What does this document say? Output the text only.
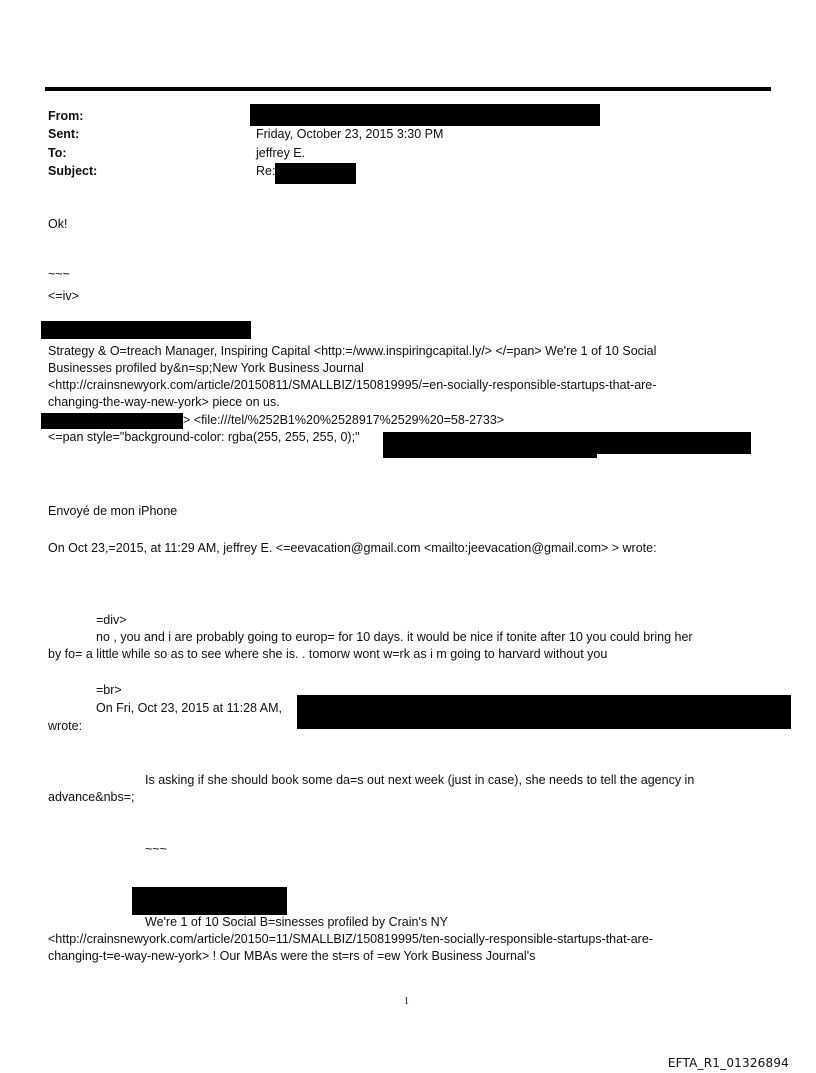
From:
Sent:	Friday, October 23, 2015 3:30 PM
To:	jeffrey E.
Subject:	Re:
Ok!
~~~
<=iv>
Strategy & O=treach Manager, Inspiring Capital <http:=/www.inspiringcapital.ly/> </=pan> We're 1 of 10 Social
Businesses profiled by&n=sp;New York Business Journal
<http://crainsnewyork.com/article/20150811/SMALLBIZ/150819995/=en-socially-responsible-startups-that-are-
changing-the-way-new-york> piece on us.
> <file:///tel/%252B1%20%2528917%2529%20=58-2733>
<=pan style="background-color: rgba(255, 255, 255, 0);"
Envoyé de mon iPhone
On Oct 23,=2015, at 11:29 AM, jeffrey E. <=eevacation@gmail.com <mailto:jeevacation@gmail.com> > wrote:
=div>
no , you and i are probably going to europ= for 10 days. it would be nice if tonite after 10 you could bring her
by fo= a little while so as to see where she is. . tomorw wont w=rk as i m going to harvard without you
=br>
On Fri, Oct 23, 2015 at 11:28 AM,
wrote:
Is asking if she should book some da=s out next week (just in case), she needs to tell the agency in
advance&nbs=;
~~~
We're 1 of 10 Social B=sinesses profiled by Crain's NY
<http://crainsnewyork.com/article/20150=11/SMALLBIZ/150819995/ten-socially-responsible-startups-that-are-
changing-t=e-way-new-york> ! Our MBAs were the st=rs of =ew York Business Journal's
1
EFTA_R1_01326894
